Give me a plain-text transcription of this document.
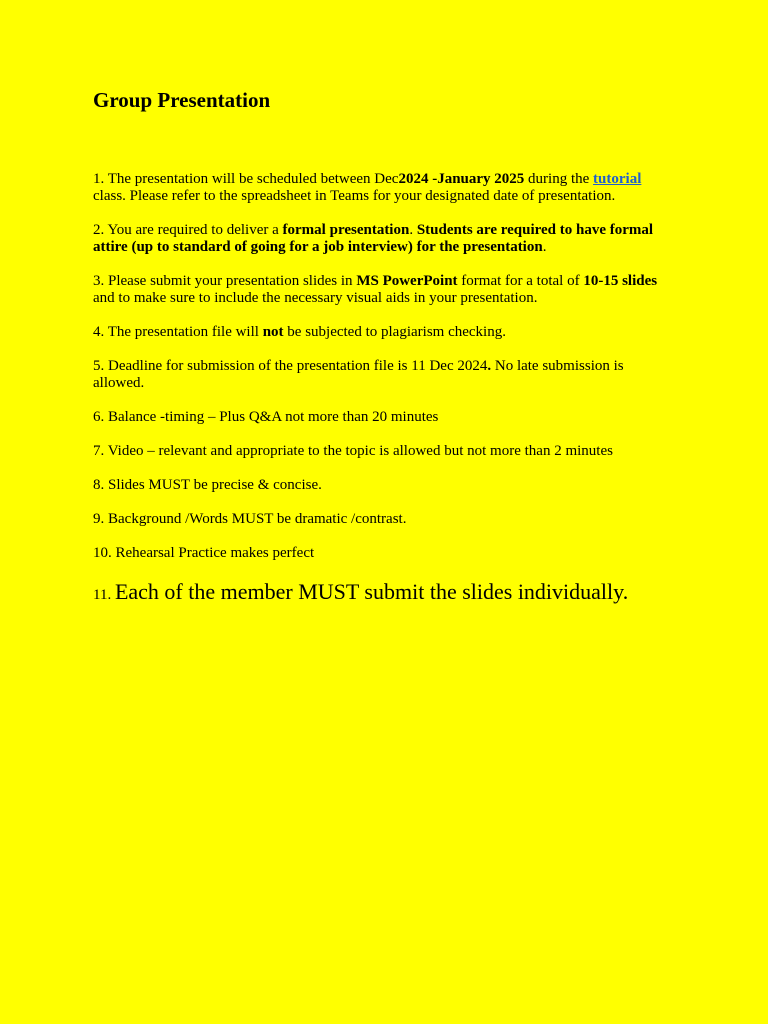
Group Presentation

1. The presentation will be scheduled between Dec2024 -January 2025 during the tutorial class. Please refer to the spreadsheet in Teams for your designated date of presentation.

2. You are required to deliver a formal presentation. Students are required to have formal attire (up to standard of going for a job interview) for the presentation.

3. Please submit your presentation slides in MS PowerPoint format for a total of 10-15 slides and to make sure to include the necessary visual aids in your presentation.

4. The presentation file will not be subjected to plagiarism checking.

5. Deadline for submission of the presentation file is 11 Dec 2024. No late submission is allowed.

6. Balance -timing – Plus Q&A not more than 20 minutes

7. Video – relevant and appropriate to the topic is allowed but not more than 2 minutes

8. Slides MUST be precise & concise.

9. Background /Words MUST be dramatic /contrast.

10. Rehearsal Practice makes perfect

11. Each of the member MUST submit the slides individually.
